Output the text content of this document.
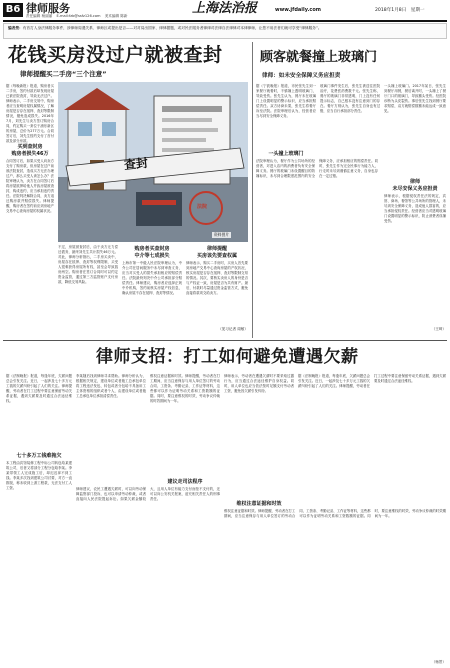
B6 律师服务
责任编辑 杨丽丽 E-mail:fzb@ssfz126.com 美术编辑 陈新	上海法治报	www.jfdaily.com	2018年1月8日 星期一
编者按：有首打人身法律服务事件，涉律师周遇关系、律师区或提出是否——对对局出国家、律律据题，或对民法服务者律律对法律自法律律对本律律师，让您不用法者们就可享受“律律服务”。
花钱买房没过户就被查封
律师提醒买二手房“三个注意”
据《每晚新报》报道，购房者买二手房，签约付款后却发现房屋已被法院查封，导致无法过户。律师表示，二手房交易中，购房者应当查明房屋权属情况，了解房屋是否存在抵押、查封等限制情况，避免造成损失。2016年7月，刘先生与卖方签订购房合同，约定购买一套位于浦东新区的房屋，总价为277万元。合同签订后，刘先生按约支付了首付款及部分房款。
查封
法院
资料图片
买到查封房
购房者损失46万
合同签订后，如果买受人向卖方支付了购房款，但房屋在过户前被法院查封，造成买方无法办理过户，那么买受人该怎么办？法院审理认为，卖方在合同签订后将房屋抵押给他人并致房屋被查封，构成违约，应当承担违约责任。法院判决解除合同，卖方返还购房款并赔偿损失。律师提醒，购房者在签约前应到房地产交易中心查询房屋的权属状况。
不过，房屋被查封后，由于卖方无力偿还债务，最终刘先生共计损失46万元。对此，律师分析指出，二手房买卖中，房屋存在抵押、查封等权利限制，买受人很难获得房屋所有权，甚至会导致钱房两空。购房者在签订合同时可以约定资金监管，通过第三方监管账户支付房款，降低交易风险。
购房者买查封房
中介等七成损失
上海市第一中级人民法院审理认为，中介公司在居间服务中未尽到审查义务，应当对买受人的损失承担相应的赔偿责任。法院最终判决中介公司承担部分赔偿责任。律师建议，购房者应选择正规中介机构，签约前核实房屋产权信息，确认房屋不存在抵押、查封等情况。
律师提醒
买房该先要查权属
律师表示，购买二手房时，买房人首先要到房地产交易中心查询房屋的产权状况，核实房屋是否存在抵押、查封等限制交易的情况。其次，要核实卖房人的身份是否与产权证一致，房屋是否为共有财产。最后，付款时尽量通过资金监管方式，避免直接将款项交给卖方。
（见习记者 周敏）
顾客就餐撞上玻璃门
律师：如未安全保障义务应担责
据《宁波晚报》报道，市民张先生到一家餐厅就餐时，不慎撞上透明玻璃门，导致受伤。张先生认为，餐厅未在玻璃门上设置明显的警示标识，应当承担赔偿责任。双方协商未果，张先生将餐厅诉至法院。法院审理后认为，经营者应当尽到安全保障义务。
玻璃门事件发生后，张先生被送往医院治疗，花费医药费数千元。张先生称，餐厅的玻璃门非常透明，门上没有任何提示标志，自己根本没有注意到门的存在。餐厅方则认为，张先生自身也有过错，应当自行承担部分责任。
一头撞上玻璃门。2017年某日，张先生到餐厅用餐，餐后离开时，一头撞上了餐厅门口的玻璃门，导致额头受伤。经医院诊断为头皮裂伤。事后张先生找到餐厅要求赔偿，双方就赔偿数额未能达成一致意见。
一头撞上玻璃门
法院审理认为，餐厅作为公共场所的经营者，对进入店内的消费者负有安全保障义务。餐厅的玻璃门未设置醒目的防撞标识，未尽到合理限度范围内的安全保障义务，应承担相应的赔偿责任。同时，张先生作为完全民事行为能力人，行走时未尽到谨慎注意义务，自身也存在一定过错。
律师
未尽安保义务应担责
律师表示，根据侵权责任法的规定，宾馆、商场、餐馆等公共场所的管理人，未尽到安全保障义务，造成他人损害的，应当承担侵权责任。经营者应当对透明玻璃门设置明显的警示标识，防止消费者误撞受伤。
（王琦）
律师支招：打工如何避免遭遇欠薪
据《法制晚报》报道，每逢年底，欠薪问题总会引发关注。近日，一起涉及七十多万元工钱的欠薪纠纷引起了人们的关注。律师提醒，劳动者在打工过程中要注意保留劳动关系证据，遇到欠薪要及时通过合法途径维权。
七十多万工钱难拖欠
本工程由宾馆装修工程中标公司转包给某建筑公司，后者又将部分工程分包给李某。李某带领工人完成施工后，却迟迟拿不到工钱。李某多次找到建筑公司讨要，对方一直推脱，称未收到上游工程款，无法支付工人工资。
李某随后找到律师寻求帮助。律师分析认为，根据相关规定，建设单位或者施工总承包单位将工程违法发包、转包或者分包给不具备用工主体资格的组织或者个人，由建设单位或者施工总承包单位承担清偿责任。
建议走司法程序
律师建议，农民工遭遇欠薪时，可以向劳动保障监察部门投诉，也可以申请劳动仲裁，或者直接向人民法院提起诉讼。如果欠薪金额较大，且用人单位有能力支付而拒不支付的，还可以向公安机关报案，追究相关责任人的刑事责任。
维权注意证据和时效。律师提醒，劳动者在打工期间，应当注意保存与用人单位签订的劳动合同、工资条、考勤记录、工作证等材料，这些都可以作为证明劳动关系和工资数额的证据。同时，要注意维权的时效，劳动争议仲裁的时效期间为一年。
维权注意证据和时效
律师表示，劳动者在遭遇欠薪时不要采取过激行为，应当通过合法途径维护自身权益。同时，用人单位也应当依法按时足额支付劳动者工资，避免因欠薪引发纠纷。
维权注意证据和时效。律师提醒，劳动者在打工期间，应当注意保存与用人单位签订的劳动合同、工资条、考勤记录、工作证等材料，这些都可以作为证明劳动关系和工资数额的证据。同时，要注意维权的时效，劳动争议仲裁的时效期间为一年。
据《法制晚报》报道，每逢年底，欠薪问题总会引发关注。近日，一起涉及七十多万元工钱的欠薪纠纷引起了人们的关注。律师提醒，劳动者在打工过程中要注意保留劳动关系证据，遇到欠薪要及时通过合法途径维权。
（杨景）
